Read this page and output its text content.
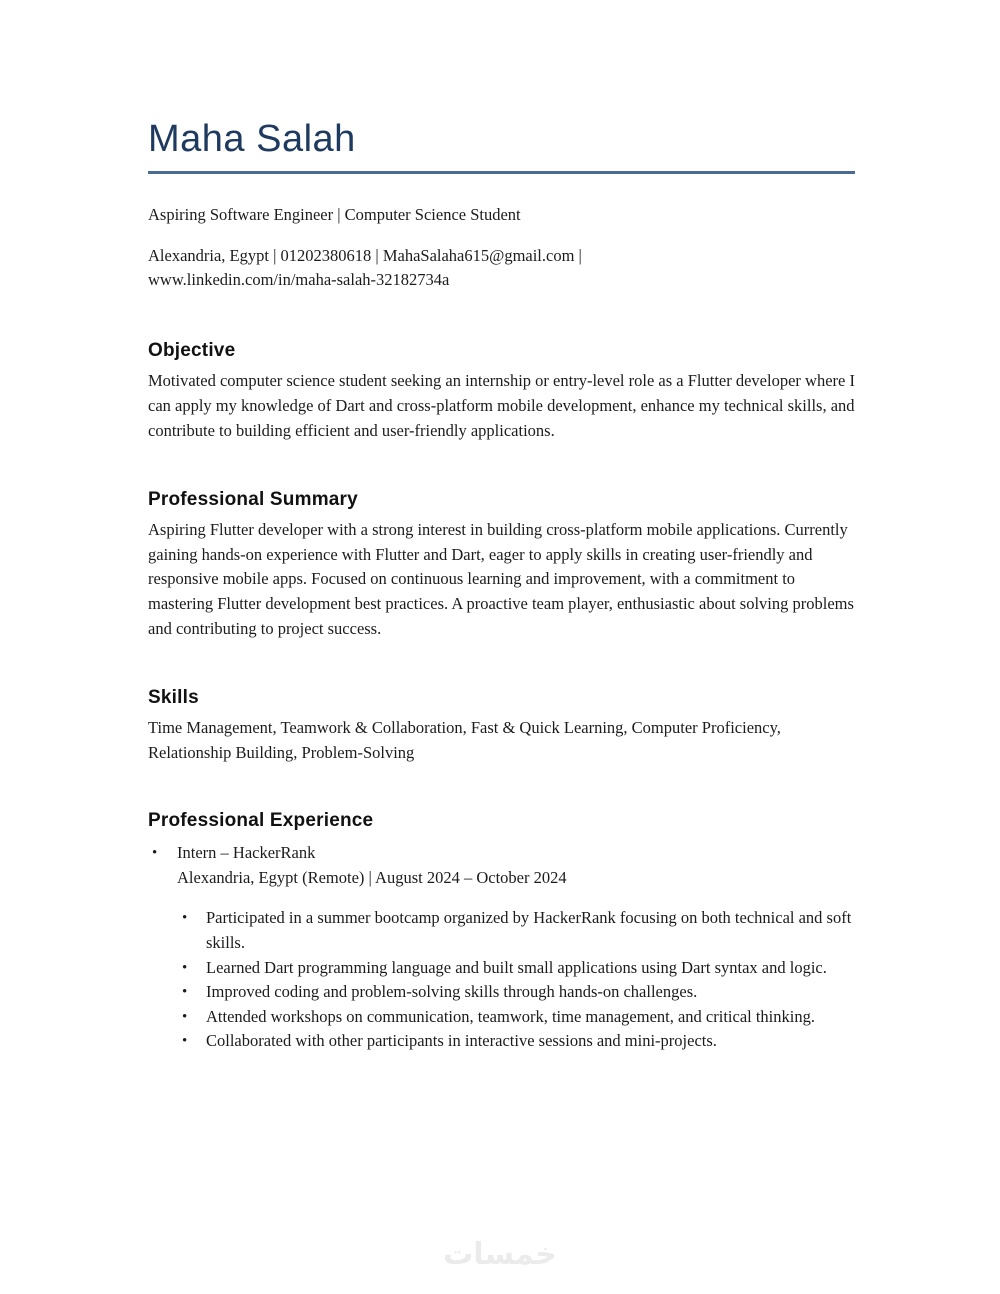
Maha Salah

Aspiring Software Engineer | Computer Science Student

Alexandria, Egypt | 01202380618 | MahaSalaha615@gmail.com |
www.linkedin.com/in/maha-salah-32182734a

Objective

Motivated computer science student seeking an internship or entry-level role as a Flutter developer where I can apply my knowledge of Dart and cross-platform mobile development, enhance my technical skills, and contribute to building efficient and user-friendly applications.

Professional Summary

Aspiring Flutter developer with a strong interest in building cross-platform mobile applications. Currently gaining hands-on experience with Flutter and Dart, eager to apply skills in creating user-friendly and responsive mobile apps. Focused on continuous learning and improvement, with a commitment to mastering Flutter development best practices. A proactive team player, enthusiastic about solving problems and contributing to project success.

Skills

Time Management, Teamwork & Collaboration, Fast & Quick Learning, Computer Proficiency, Relationship Building, Problem-Solving

Professional Experience
•	Intern – HackerRank
Alexandria, Egypt (Remote) | August 2024 – October 2024
•	Participated in a summer bootcamp organized by HackerRank focusing on both technical and soft skills.
•	Learned Dart programming language and built small applications using Dart syntax and logic.
•	Improved coding and problem-solving skills through hands-on challenges.
•	Attended workshops on communication, teamwork, time management, and critical thinking.
•	Collaborated with other participants in interactive sessions and mini-projects.
خمسات
